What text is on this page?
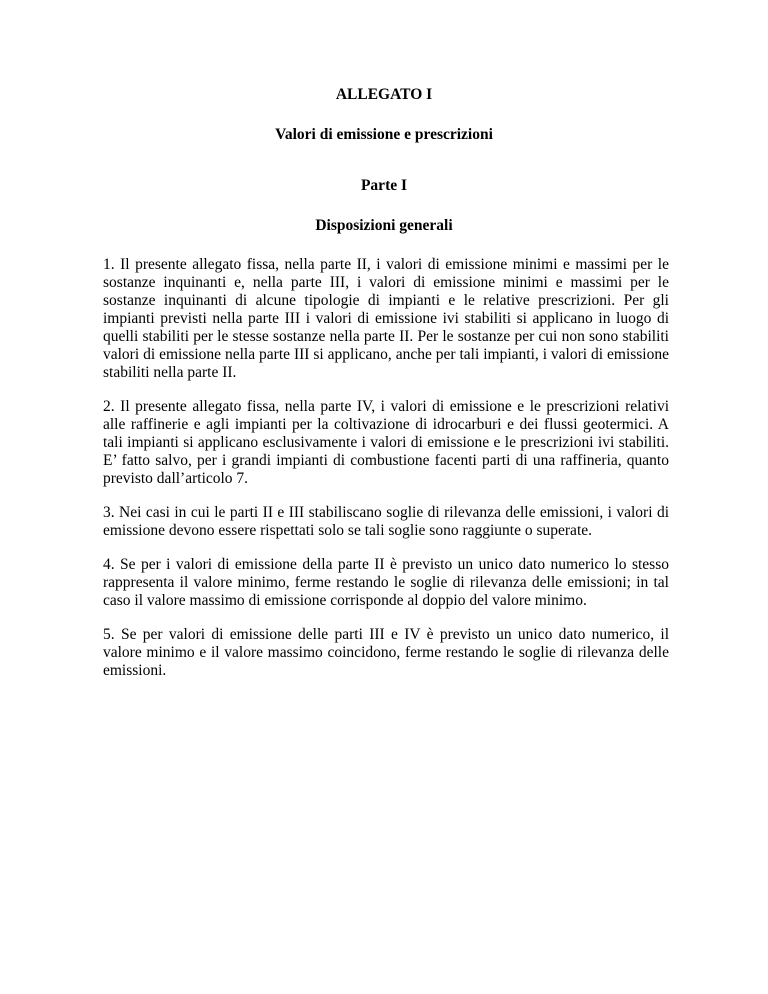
ALLEGATO I
Valori di emissione e prescrizioni
Parte I
Disposizioni generali

1. Il presente allegato fissa, nella parte II, i valori di emissione minimi e massimi per le sostanze inquinanti e, nella parte III, i valori di emissione minimi e massimi per le sostanze inquinanti di alcune tipologie di impianti e le relative prescrizioni. Per gli impianti previsti nella parte III i valori di emissione ivi stabiliti si applicano in luogo di quelli stabiliti per le stesse sostanze nella parte II. Per le sostanze per cui non sono stabiliti valori di emissione nella parte III si applicano, anche per tali impianti, i valori di emissione stabiliti nella parte II.

2. Il presente allegato fissa, nella parte IV, i valori di emissione e le prescrizioni relativi alle raffinerie e agli impianti per la coltivazione di idrocarburi e dei flussi geotermici. A tali impianti si applicano esclusivamente i valori di emissione e le prescrizioni ivi stabiliti. E’ fatto salvo, per i grandi impianti di combustione facenti parti di una raffineria, quanto previsto dall’articolo 7.

3. Nei casi in cui le parti II e III stabiliscano soglie di rilevanza delle emissioni, i valori di emissione devono essere rispettati solo se tali soglie sono raggiunte o superate.

4. Se per i valori di emissione della parte II è previsto un unico dato numerico lo stesso rappresenta il valore minimo, ferme restando le soglie di rilevanza delle emissioni; in tal caso il valore massimo di emissione corrisponde al doppio del valore minimo.

5. Se per valori di emissione delle parti III e IV è previsto un unico dato numerico, il valore minimo e il valore massimo coincidono, ferme restando le soglie di rilevanza delle emissioni.
